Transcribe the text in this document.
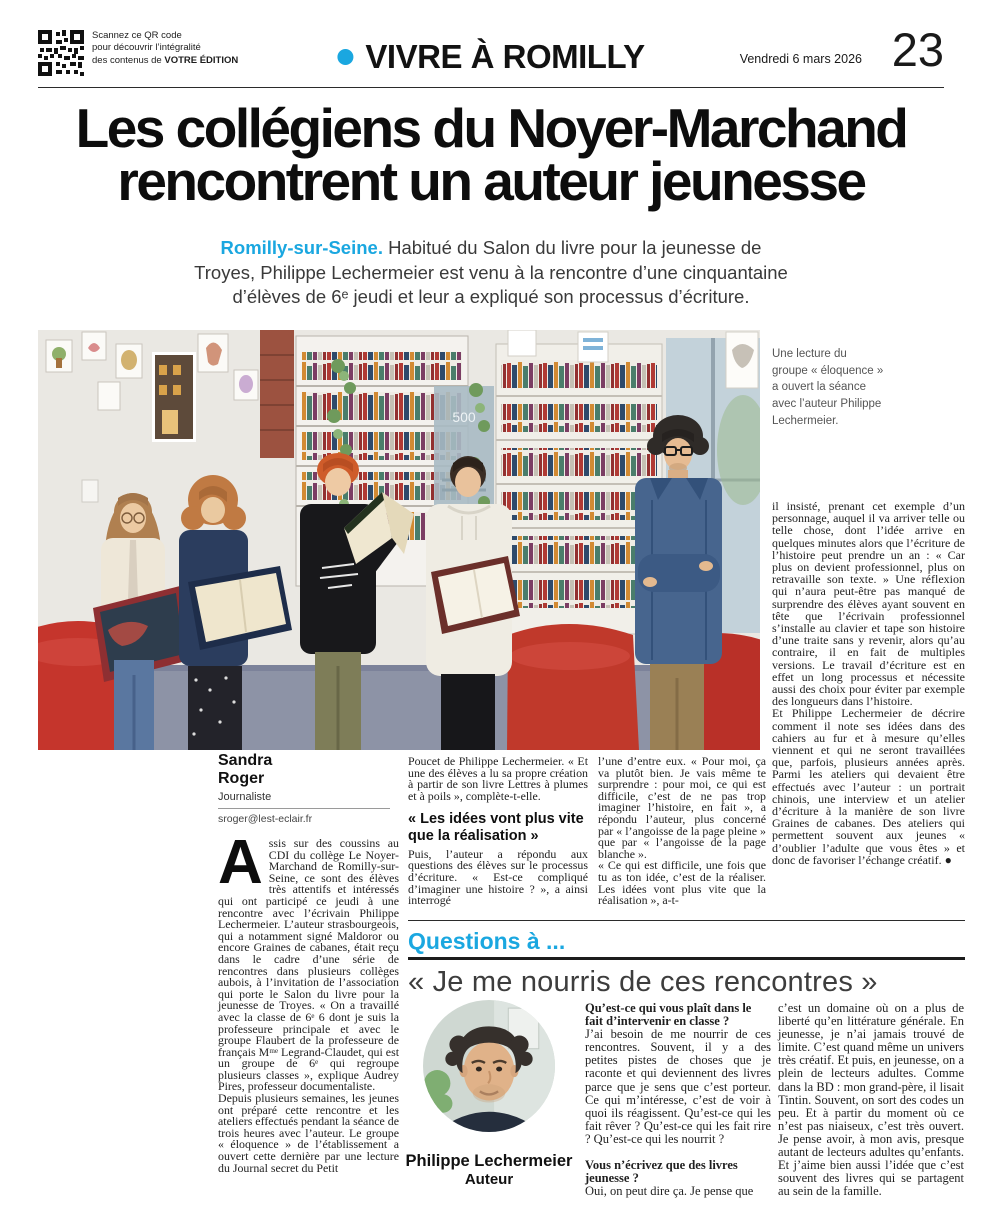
Scannez ce QR code
pour découvrir l’intégralité
des contenus de VOTRE ÉDITION	VIVRE À ROMILLY	Vendredi 6 mars 2026 23
Les collégiens du Noyer-Marchand
rencontrent un auteur jeunesse

Romilly-sur-Seine. Habitué du Salon du livre pour la jeunesse de Troyes, Philippe Lechermeier est venu à la rencontre d’une cinquantaine d’élèves de 6ᵉ jeudi et leur a expliqué son processus d’écriture.

500
Une lecture du groupe « éloquence » a ouvert la séance avec l’auteur Philippe Lechermeier.

il insisté, prenant cet exemple d’un personnage, auquel il va arriver telle ou telle chose, dont l’idée arrive en quelques minutes alors que l’écriture de l’histoire peut prendre un an : « Car plus on devient professionnel, plus on retravaille son texte. » Une réflexion qui n’aura peut-être pas manqué de surprendre des élèves ayant souvent en tête que l’écrivain professionnel s’installe au clavier et tape son histoire d’une traite sans y revenir, alors qu’au contraire, il en fait de multiples versions. Le travail d’écriture est en effet un long processus et nécessite aussi des choix pour éviter par exemple des longueurs dans l’histoire.

Et Philippe Lechermeier de décrire comment il note ses idées dans des cahiers au fur et à mesure qu’elles viennent et qui ne seront travaillées que, parfois, plusieurs années après. Parmi les ateliers qui devaient être effectués avec l’auteur : un portrait chinois, une interview et un atelier d’écriture à la manière de son livre Graines de cabanes. Des ateliers qui permettent souvent aux jeunes « d’oublier l’adulte que vous êtes » et donc de favoriser l’échange créatif. ●

Sandra
Roger
Journaliste
sroger@lest-eclair.fr

Assis sur des coussins au CDI du collège Le Noyer-Marchand de Romilly-sur-Seine, ce sont des élèves très attentifs et intéressés qui ont participé ce jeudi à une rencontre avec l’écrivain Philippe Lechermeier. L’auteur strasbourgeois, qui a notamment signé Maldoror ou encore Graines de cabanes, était reçu dans le cadre d’une série de rencontres dans plusieurs collèges aubois, à l’invitation de l’association qui porte le Salon du livre pour la jeunesse de Troyes. « On a travaillé avec la classe de 6ᵉ 6 dont je suis la professeure principale et avec le groupe Flaubert de la professeure de français Mᵐᵉ Legrand-Claudet, qui est un groupe de 6ᵉ qui regroupe plusieurs classes », explique Audrey Pires, professeur documentaliste.

Depuis plusieurs semaines, les jeunes ont préparé cette rencontre et les ateliers effectués pendant la séance de trois heures avec l’auteur. Le groupe « éloquence » de l’établissement a ouvert cette dernière par une lecture du Journal secret du Petit

Poucet de Philippe Lechermeier. « Et une des élèves a lu sa propre création à partir de son livre Lettres à plumes et à poils », complète-t-elle.

« Les idées vont plus vite que la réalisation »

Puis, l’auteur a répondu aux questions des élèves sur le processus d’écriture. « Est-ce compliqué d’imaginer une histoire ? », a ainsi interrogé

l’une d’entre eux. « Pour moi, ça va plutôt bien. Je vais même te surprendre : pour moi, ce qui est difficile, c’est de ne pas trop imaginer l’histoire, en fait », a répondu l’auteur, plus concerné par « l’angoisse de la page pleine » que par « l’angoisse de la page blanche ».

« Ce qui est difficile, une fois que tu as ton idée, c’est de la réaliser. Les idées vont plus vite que la réalisation », a-t-

Questions à ...
« Je me nourris de ces rencontres »
Philippe Lechermeier
Auteur

Qu’est-ce qui vous plaît dans le fait d’intervenir en classe ?

J’ai besoin de me nourrir de ces rencontres. Souvent, il y a des petites pistes de choses que je raconte et qui deviennent des livres parce que je sens que c’est porteur. Ce qui m’intéresse, c’est de voir à quoi ils réagissent. Qu’est-ce qui les fait rêver ? Qu’est-ce qui les fait rire ? Qu’est-ce qui les nourrit ?

Vous n’écrivez que des livres jeunesse ?

Oui, on peut dire ça. Je pense que

c’est un domaine où on a plus de liberté qu’en littérature générale. En jeunesse, je n’ai jamais trouvé de limite. C’est quand même un univers très créatif. Et puis, en jeunesse, on a plein de lecteurs adultes. Comme dans la BD : mon grand-père, il lisait Tintin. Souvent, on sort des codes un peu. Et à partir du moment où ce n’est pas niaiseux, c’est très ouvert. Je pense avoir, à mon avis, presque autant de lecteurs adultes qu’enfants. Et j’aime bien aussi l’idée que c’est souvent des livres qui se partagent au sein de la famille.
